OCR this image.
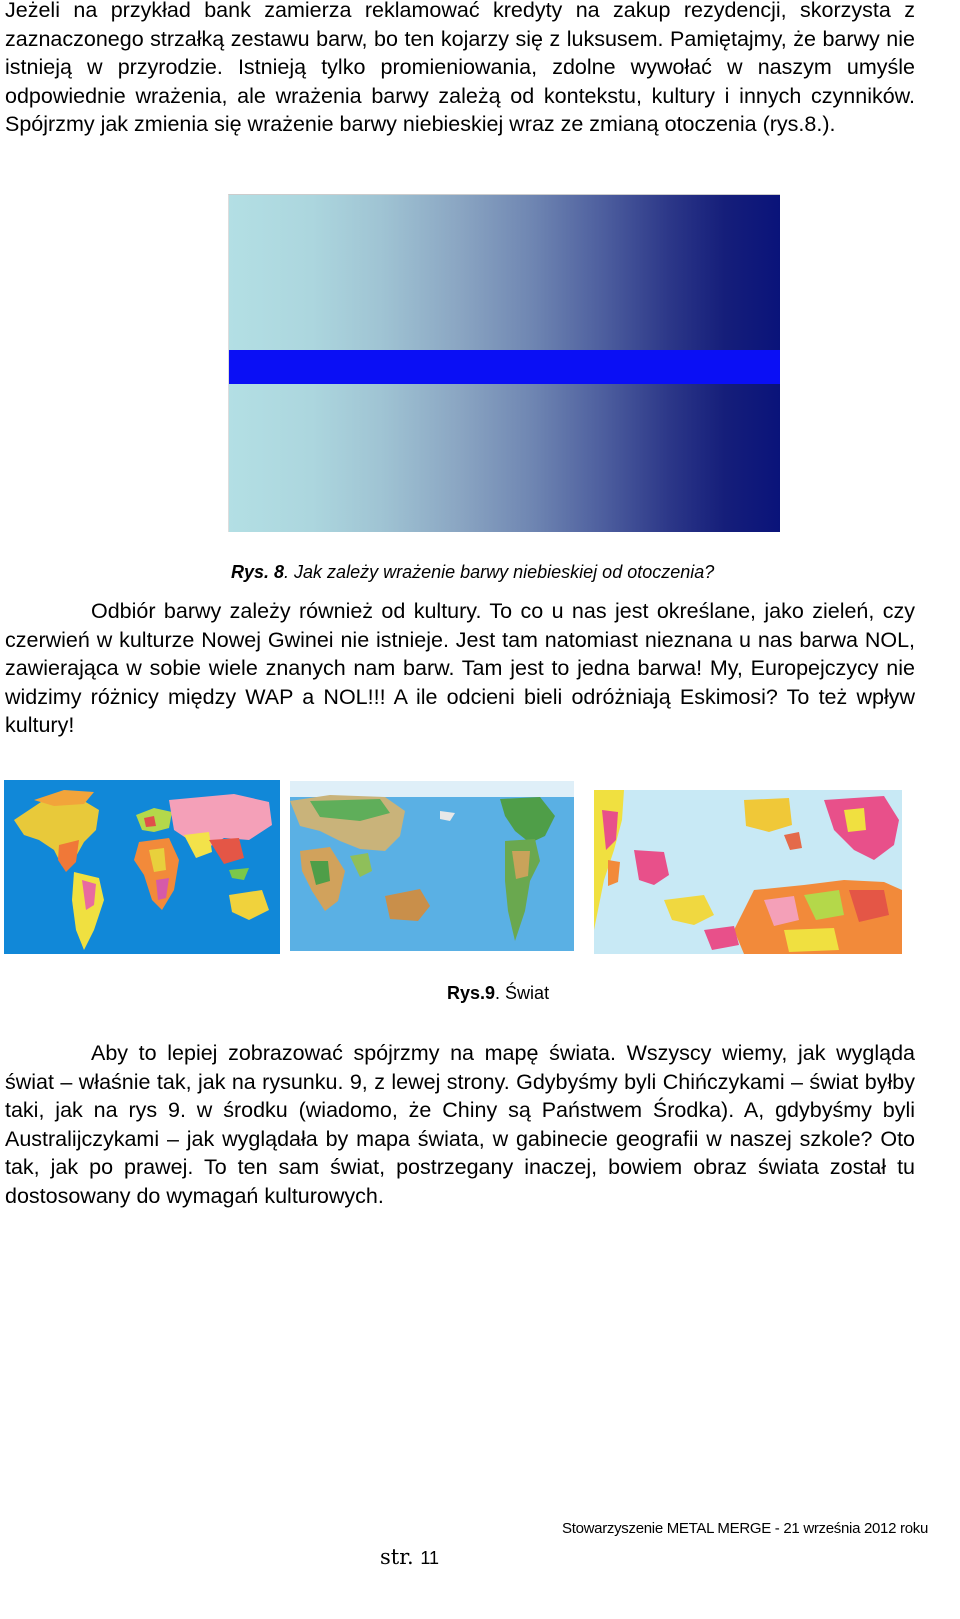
Jeżeli na przykład bank zamierza reklamować kredyty na zakup rezydencji, skorzysta z zaznaczonego strzałką zestawu barw, bo ten kojarzy się z luksusem. Pamiętajmy, że barwy nie istnieją w przyrodzie. Istnieją tylko promieniowania, zdolne wywołać w naszym umyśle odpowiednie wrażenia, ale wrażenia barwy zależą od kontekstu, kultury i innych czynników. Spójrzmy jak zmienia się wrażenie barwy niebieskiej wraz ze zmianą otoczenia (rys.8.).

Rys. 8. Jak zależy wrażenie barwy niebieskiej od otoczenia?

Odbiór barwy zależy również od kultury. To co u nas jest określane, jako zieleń, czy czerwień w kulturze Nowej Gwinei nie istnieje. Jest tam natomiast nieznana u nas barwa NOL, zawierająca w sobie wiele znanych nam barw. Tam jest to jedna barwa! My, Europejczycy nie widzimy różnicy między WAP a NOL!!! A ile odcieni bieli odróżniają Eskimosi? To też wpływ kultury!

Rys.9. Świat

Aby to lepiej zobrazować spójrzmy na mapę świata. Wszyscy wiemy, jak wygląda świat – właśnie tak, jak na rysunku. 9, z lewej strony. Gdybyśmy byli Chińczykami – świat byłby taki, jak na rys 9. w środku (wiadomo, że Chiny są Państwem Środka). A, gdybyśmy byli Australijczykami – jak wyglądała by mapa świata, w gabinecie geografii w naszej szkole? Oto tak, jak po prawej. To ten sam świat, postrzegany inaczej, bowiem obraz świata został tu dostosowany do wymagań kulturowych.

Stowarzyszenie METAL MERGE - 21 września 2012 roku
str. 11
